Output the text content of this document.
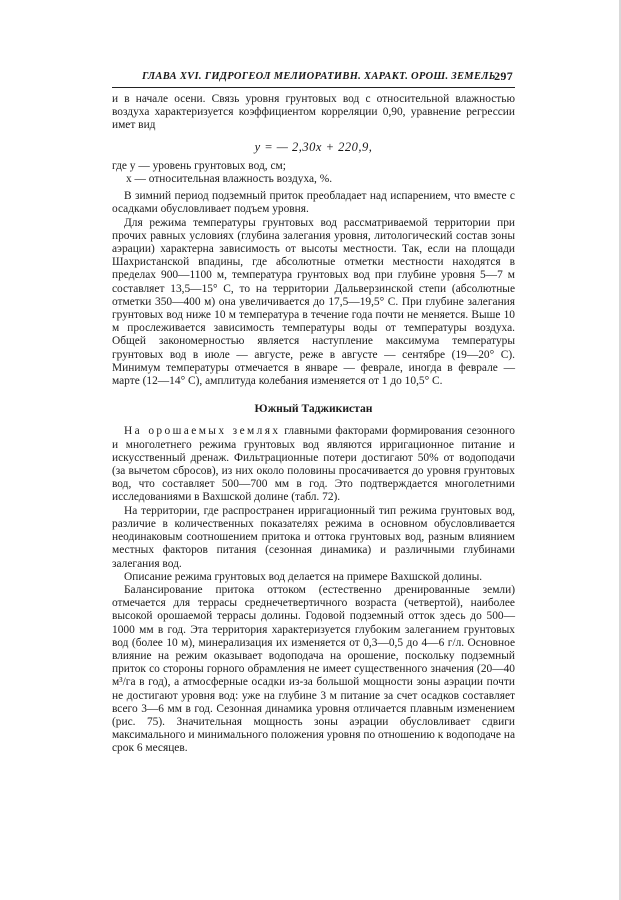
ГЛАВА XVI. ГИДРОГЕОЛ МЕЛИОРАТИВН. ХАРАКТ. ОРОШ. ЗЕМЕЛЬ
297

и в начале осени. Связь уровня грунтовых вод с относительной влажностью воздуха характеризуется коэффициентом корреляции 0,90, уравнение регрессии имет вид

y = — 2,30x + 220,9,
где y — уровень грунтовых вод, см;
x — относительная влажность воздуха, %.

В зимний период подземный приток преобладает над испарением, что вместе с осадками обусловливает подъем уровня.

Для режима температуры грунтовых вод рассматриваемой территории при прочих равных условиях (глубина залегания уровня, литологический состав зоны аэрации) характерна зависимость от высоты местности. Так, если на площади Шахристанской впадины, где абсолютные отметки местности находятся в пределах 900—1100 м, температура грунтовых вод при глубине уровня 5—7 м составляет 13,5—15° С, то на территории Дальверзинской степи (абсолютные отметки 350—400 м) она увеличивается до 17,5—19,5° С. При глубине залегания грунтовых вод ниже 10 м температура в течение года почти не меняется. Выше 10 м прослеживается зависимость температуры воды от температуры воздуха. Общей закономерностью является наступление максимума температуры грунтовых вод в июле — августе, реже в августе — сентябре (19—20° С). Минимум температуры отмечается в январе — феврале, иногда в феврале — марте (12—14° С), амплитуда колебания изменяется от 1 до 10,5° С.

Южный Таджикистан

На орошаемых землях главными факторами формирования сезонного и многолетнего режима грунтовых вод являются ирригационное питание и искусственный дренаж. Фильтрационные потери достигают 50% от водоподачи (за вычетом сбросов), из них около половины просачивается до уровня грунтовых вод, что составляет 500—700 мм в год. Это подтверждается многолетними исследованиями в Вахшской долине (табл. 72).

На территории, где распространен ирригационный тип режима грунтовых вод, различие в количественных показателях режима в основном обусловливается неодинаковым соотношением притока и оттока грунтовых вод, разным влиянием местных факторов питания (сезонная динамика) и различными глубинами залегания вод.

Описание режима грунтовых вод делается на примере Вахшской долины.

Балансирование притока оттоком (естественно дренированные земли) отмечается для террасы среднечетвертичного возраста (четвертой), наиболее высокой орошаемой террасы долины. Годовой подземный отток здесь до 500—1000 мм в год. Эта территория характеризуется глубоким залеганием грунтовых вод (более 10 м), минерализация их изменяется от 0,3—0,5 до 4—6 г/л. Основное влияние на режим оказывает водоподача на орошение, поскольку подземный приток со стороны горного обрамления не имеет существенного значения (20—40 м³/га в год), а атмосферные осадки из-за большой мощности зоны аэрации почти не достигают уровня вод: уже на глубине 3 м питание за счет осадков составляет всего 3—6 мм в год. Сезонная динамика уровня отличается плавным изменением (рис. 75). Значительная мощность зоны аэрации обусловливает сдвиги максимального и минимального положения уровня по отношению к водоподаче на срок 6 месяцев.
